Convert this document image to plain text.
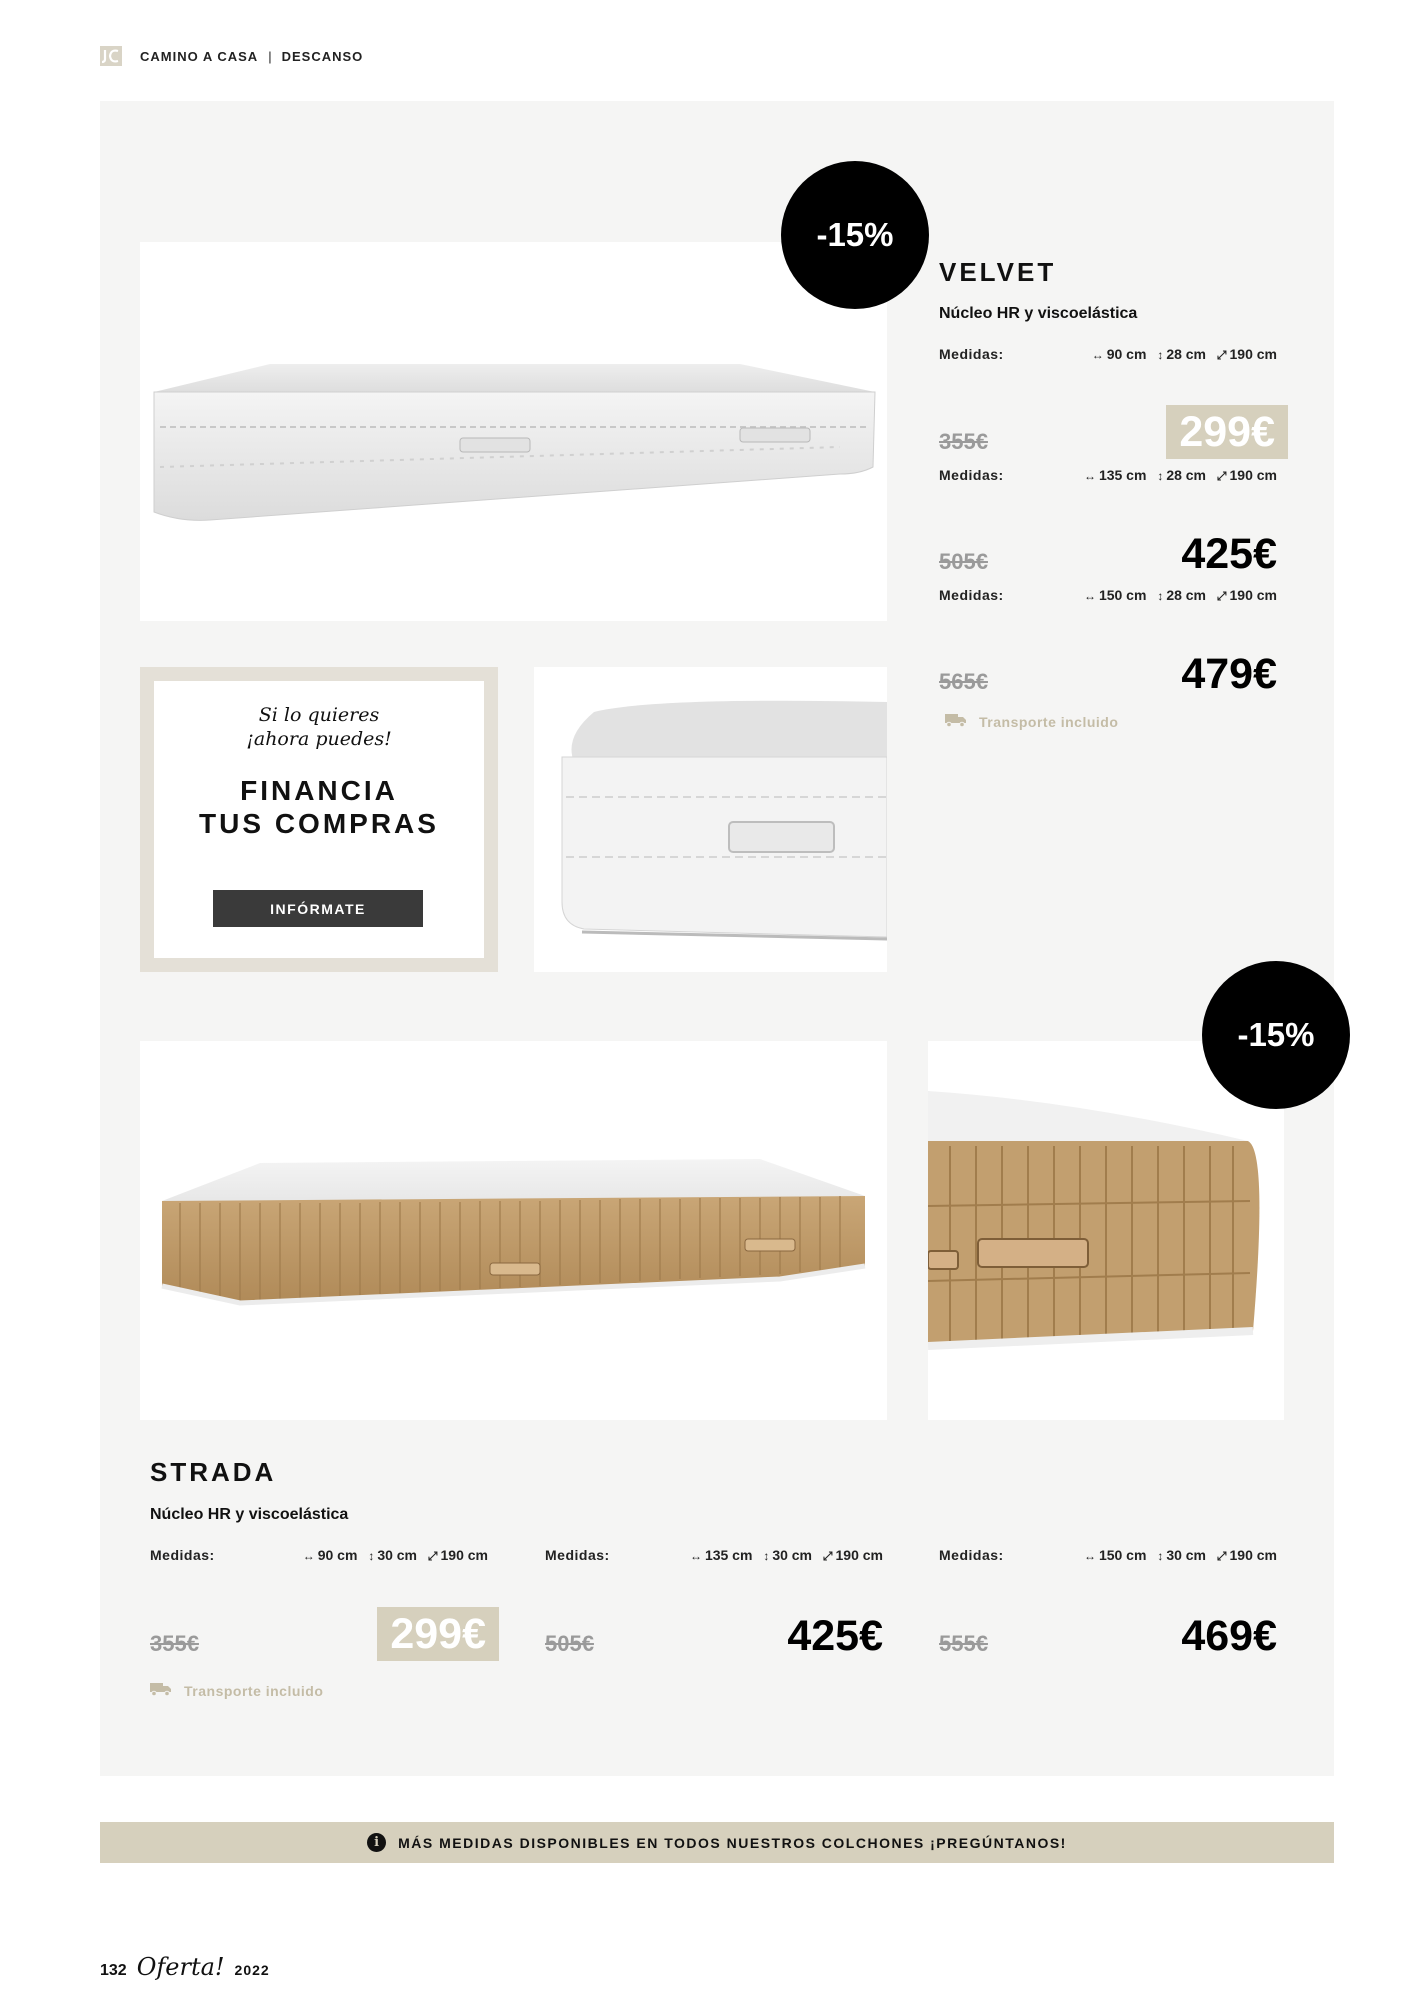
CAMINO A CASA | DESCANSO
-15%
VELVET
Núcleo HR y viscoelástica
Medidas:	↔ 90 cm ↕ 28 cm ⤢ 190 cm
355€	299€
Medidas:	↔ 135 cm ↕ 28 cm ⤢ 190 cm
505€	425€
Medidas:	↔ 150 cm ↕ 28 cm ⤢ 190 cm
565€	479€
Transporte incluido
Si lo quieres
¡ahora puedes!
FINANCIA
TUS COMPRAS
INFÓRMATE
-15%
STRADA
Núcleo HR y viscoelástica
Medidas:	↔ 90 cm ↕ 30 cm ⤢ 190 cm
355€	299€
Medidas:	↔ 135 cm ↕ 30 cm ⤢ 190 cm
505€	425€
Medidas:	↔ 150 cm ↕ 30 cm ⤢ 190 cm
555€	469€
Transporte incluido
i	MÁS MEDIDAS DISPONIBLES EN TODOS NUESTROS COLCHONES ¡PREGÚNTANOS!
132 Oferta! 2022
